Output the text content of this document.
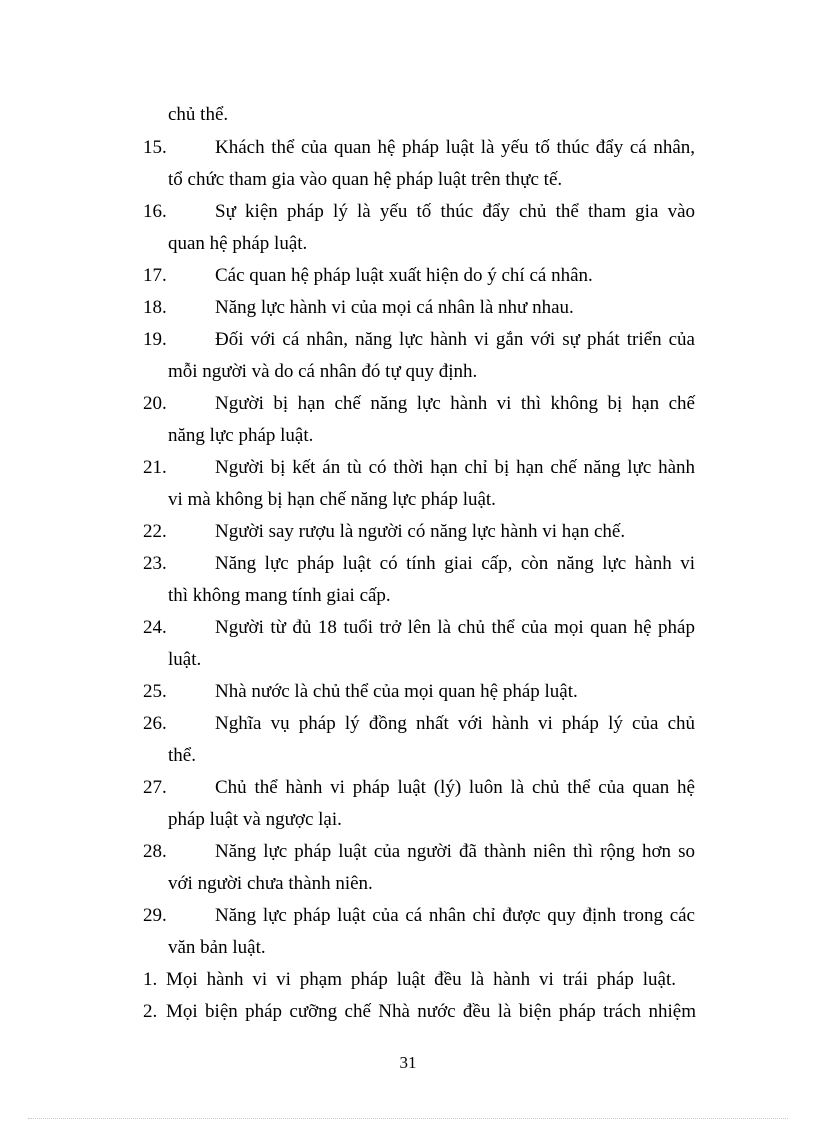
chủ thể.
15.	Khách thể của quan hệ pháp luật là yếu tố thúc đẩy cá nhân,
tổ chức tham gia vào quan hệ pháp luật trên thực tế.
16.	Sự kiện pháp lý là yếu tố thúc đẩy chủ thể tham gia vào
quan hệ pháp luật.
17.	Các quan hệ pháp luật xuất hiện do ý chí cá nhân.
18.	Năng lực hành vi của mọi cá nhân là như nhau.
19.	Đối với cá nhân, năng lực hành vi gắn với sự phát triển của
mỗi người và do cá nhân đó tự quy định.
20.	Người bị hạn chế năng lực hành vi thì không bị hạn chế
năng lực pháp luật.
21.	Người bị kết án tù có thời hạn chỉ bị hạn chế năng lực hành
vi mà không bị hạn chế năng lực pháp luật.
22.	Người say rượu là người có năng lực hành vi hạn chế.
23.	Năng lực pháp luật có tính giai cấp, còn năng lực hành vi
thì không mang tính giai cấp.
24.	Người từ đủ 18 tuổi trở lên là chủ thể của mọi quan hệ pháp
luật.
25.	Nhà nước là chủ thể của mọi quan hệ pháp luật.
26.	Nghĩa vụ pháp lý đồng nhất với hành vi pháp lý của chủ
thể.
27.	Chủ thể hành vi pháp luật (lý) luôn là chủ thể của quan hệ
pháp luật và ngược lại.
28.	Năng lực pháp luật của người đã thành niên thì rộng hơn so
với người chưa thành niên.
29.	Năng lực pháp luật của cá nhân chỉ được quy định trong các
văn bản luật.
1. Mọi hành vi vi phạm pháp luật đều là hành vi trái pháp luật.
2. Mọi biện pháp cưỡng chế Nhà nước đều là biện pháp trách nhiệm
31
